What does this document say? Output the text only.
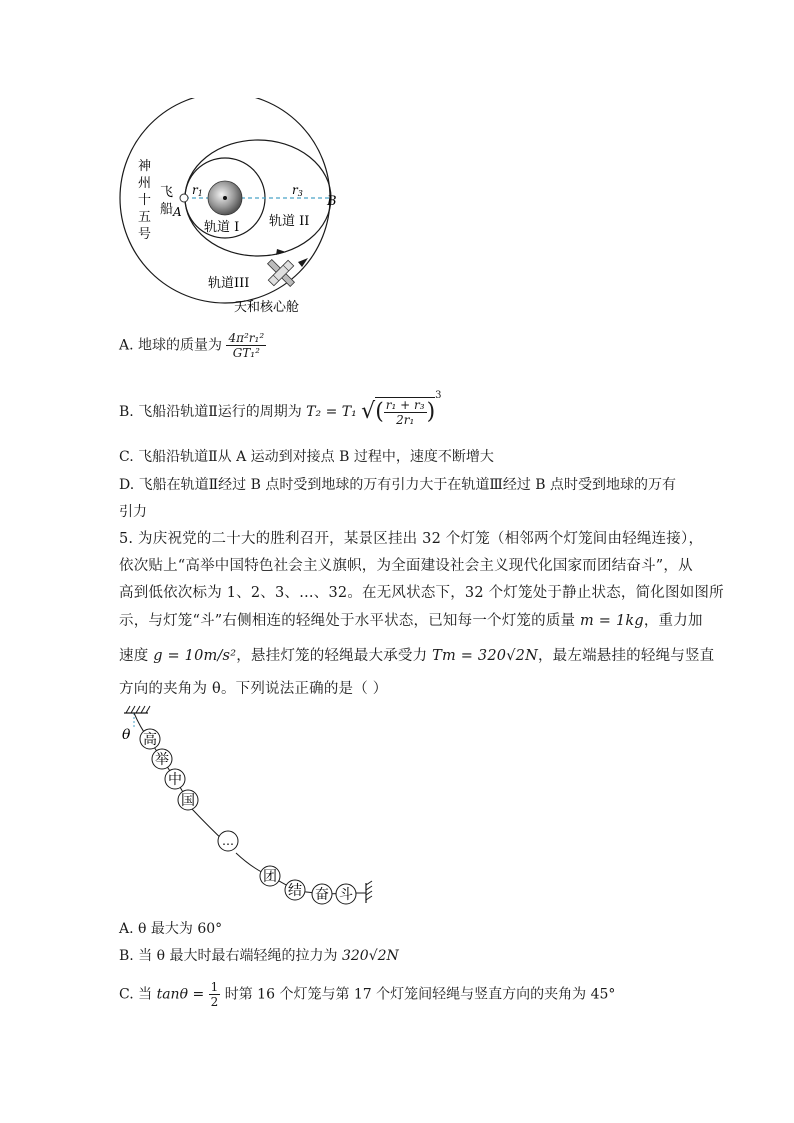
神
州
十
五
号
飞
船 A
B
r1	r3
轨道 I 轨道 II
轨道III
天和核心舱
A. 地球的质量为 $\frac{\text{4π²r₁²}}{\text{GT₁²}}$
B. 飞船沿轨道Ⅱ运行的周期为 T₂ = T₁ √( $\frac{\text{r₁ + r₃}}{\text{2r₁}} )^3$
C. 飞船沿轨道Ⅱ从 A 运动到对接点 B 过程中，速度不断增大
D. 飞船在轨道Ⅱ经过 B 点时受到地球的万有引力大于在轨道Ⅲ经过 B 点时受到地球的万有
引力
5. 为庆祝党的二十大的胜利召开，某景区挂出 32 个灯笼（相邻两个灯笼间由轻绳连接），
依次贴上“高举中国特色社会主义旗帜，为全面建设社会主义现代化国家而团结奋斗”，从
高到低依次标为 1、2、3、…、32。在无风状态下，32 个灯笼处于静止状态，简化图如图所
示，与灯笼“斗”右侧相连的轻绳处于水平状态，已知每一个灯笼的质量 m = 1kg，重力加
速度 g = 10m/s²，悬挂灯笼的轻绳最大承受力 Tm = 320√2N，最左端悬挂的轻绳与竖直
方向的夹角为 θ。下列说法正确的是（ ）
θ 高
举
中
国
…
团
结 奋 斗
A. θ 最大为 60°
B. 当 θ 最大时最右端轻绳的拉力为 320√2N
C. 当 $\tan\theta = \frac{1}{2}$ 时第 16 个灯笼与第 17 个灯笼间轻绳与竖直方向的夹角为 45°
